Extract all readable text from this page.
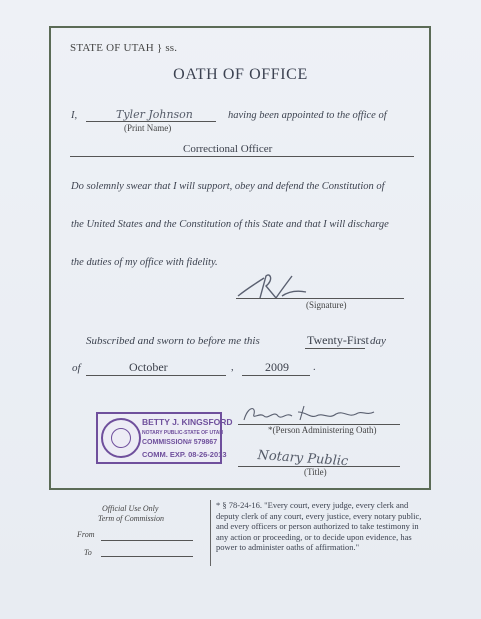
STATE OF UTAH } ss.
OATH OF OFFICE
I,	Tyler Johnson
(Print Name)
having been appointed to the office of
Correctional Officer
Do solemnly swear that I will support, obey and defend the Constitution of
the United States and the Constitution of this State and that I will discharge
the duties of my office with fidelity.
(Signature)
Subscribed and sworn to before me this	Twenty-First day
of	October	,	2009 .
BETTY J. KINGSFORD
NOTARY PUBLIC-STATE OF UTAH
COMMISSION# 579867
COMM. EXP. 08-26-2013
*(Person Administering Oath)
Notary Public
(Title)
Official Use Only
Term of Commission
From
To
* § 78-24-16. "Every court, every judge, every clerk and deputy clerk of any court, every justice, every notary public, and every officers or person authorized to take testimony in any action or proceeding, or to decide upon evidence, has power to administer oaths of affirmation."
